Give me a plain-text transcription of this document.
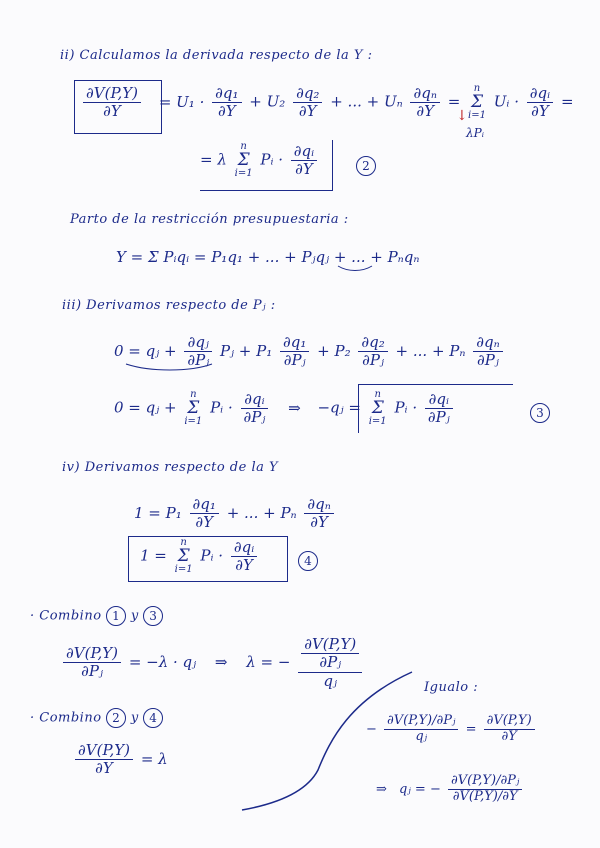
ii) Calculamos la derivada respecto de la Y :
$\frac{\partial V(P,Y)}{\partial Y} = U_1 \cdot \frac{\text{∂q₁}}{\partial Y} + U_2 \frac{\text{∂q₂}}{\partial Y}$ + ... + Uₙ $\frac{\text{∂qₙ}}{\partial Y} = n$
Σ
i=1 Uᵢ · $\frac{\text{∂qᵢ}}{\partial Y}$ =
↓
λPᵢ
= λ n
Σ
i=1 Pᵢ · $\frac{\text{∂qᵢ}}{\partial Y}$	2
Parto de la restricción presupuestaria :
Y = Σ Pᵢqᵢ = P₁q₁ + ... + Pⱼqⱼ + ... + Pₙqₙ
iii) Derivamos respecto de Pⱼ :
0 = qⱼ + $\frac{\text{∂qⱼ}}{\text{∂Pⱼ}}$ Pⱼ + $P_1 \frac{\text{∂q₁}}{\text{∂Pⱼ}} + P_2 \frac{\text{∂q₂}}{\text{∂Pⱼ}}$ + ... + Pₙ $\frac{\text{∂qₙ}}{\text{∂Pⱼ}}$
0 = qⱼ + n
Σ
i=1 Pᵢ · $\frac{\text{∂qᵢ}}{\text{∂Pⱼ}}$ ⇒ −qⱼ = n
Σ
i=1 Pᵢ · $\frac{\text{∂qᵢ}}{\text{∂Pⱼ}}$	3
iv) Derivamos respecto de la Y
$1 = P_1 \frac{\text{∂q₁}}{\partial Y}$ + ... + Pₙ $\frac{\text{∂qₙ}}{\partial Y}$
1 = n
Σ
i=1 Pᵢ · $\frac{\text{∂qᵢ}}{\partial Y}$	4
· Combino 1 y 3
$\frac{\partial V(P,Y)}{\text{∂Pⱼ}} = -\lambda$ · qⱼ ⇒ λ = − $\frac{\frac{\partial V(P,Y)}{\text{∂Pⱼ}}}{\text{qⱼ}}$	Igualo :
· Combino 2 y 4
$\frac{\partial V(P,Y)}{\partial Y} = \lambda$
− $\frac{\text{∂V(P,Y)/∂Pⱼ}}{\text{qⱼ}} = \frac{\partial V(P,Y)}{\partial Y}$
⇒ qⱼ = − $\frac{\text{∂V(P,Y)/∂Pⱼ}}{\partial V(P,Y)/\partial Y}$
